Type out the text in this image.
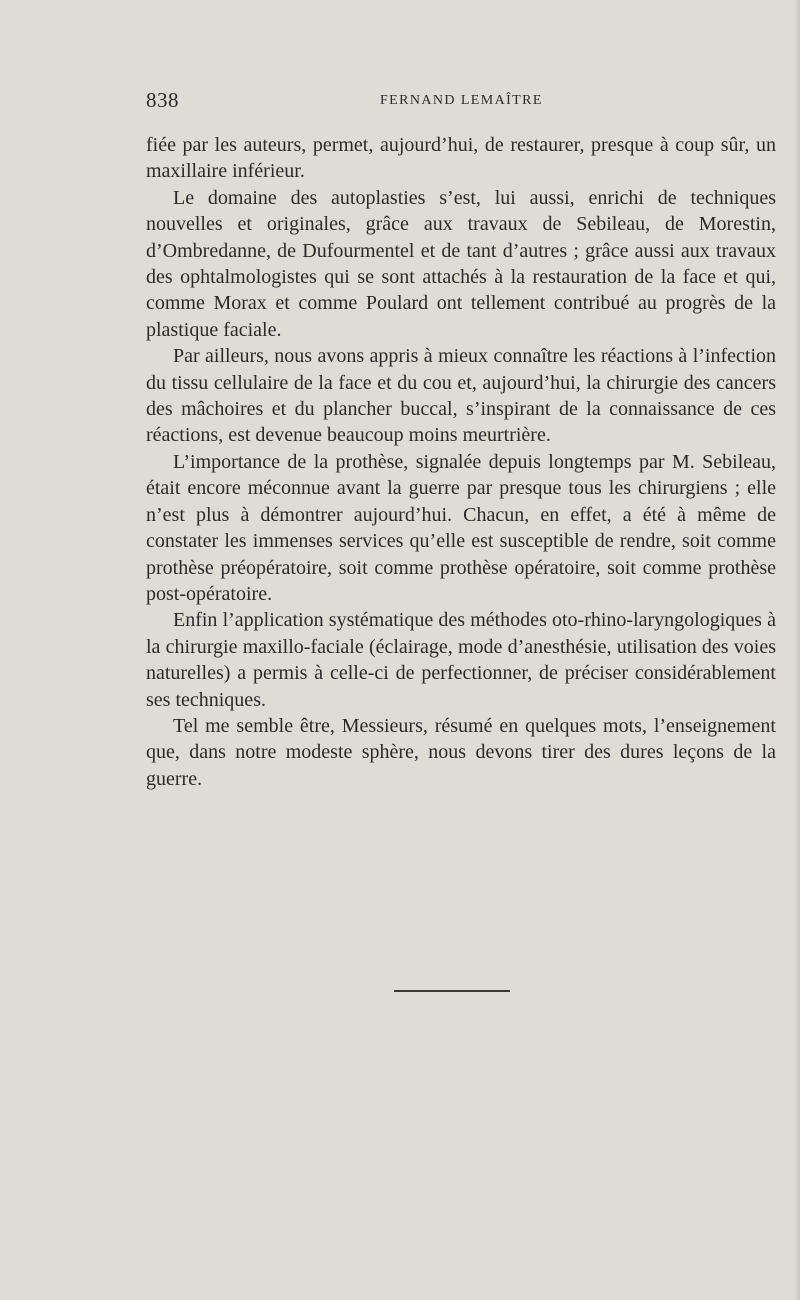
838	FERNAND LEMAÎTRE

fiée par les auteurs, permet, aujourd’hui, de restaurer, presque à coup sûr, un maxillaire inférieur.

Le domaine des autoplasties s’est, lui aussi, enrichi de techniques nouvelles et originales, grâce aux travaux de Sebileau, de Morestin, d’Ombredanne, de Dufourmentel et de tant d’autres ; grâce aussi aux travaux des ophtalmologistes qui se sont attachés à la restauration de la face et qui, comme Morax et comme Poulard ont tellement contribué au progrès de la plastique faciale.

Par ailleurs, nous avons appris à mieux connaître les réactions à l’infection du tissu cellulaire de la face et du cou et, aujourd’hui, la chirurgie des cancers des mâchoires et du plancher buccal, s’inspirant de la connaissance de ces réactions, est devenue beaucoup moins meurtrière.

L’importance de la prothèse, signalée depuis longtemps par M. Sebileau, était encore méconnue avant la guerre par presque tous les chirurgiens ; elle n’est plus à démontrer aujourd’hui. Chacun, en effet, a été à même de constater les immenses services qu’elle est susceptible de rendre, soit comme prothèse préopératoire, soit comme prothèse opératoire, soit comme prothèse post-opératoire.

Enfin l’application systématique des méthodes oto-rhino-laryngologiques à la chirurgie maxillo-faciale (éclairage, mode d’anesthésie, utilisation des voies naturelles) a permis à celle-ci de perfectionner, de préciser considérablement ses techniques.

Tel me semble être, Messieurs, résumé en quelques mots, l’enseignement que, dans notre modeste sphère, nous devons tirer des dures leçons de la guerre.
